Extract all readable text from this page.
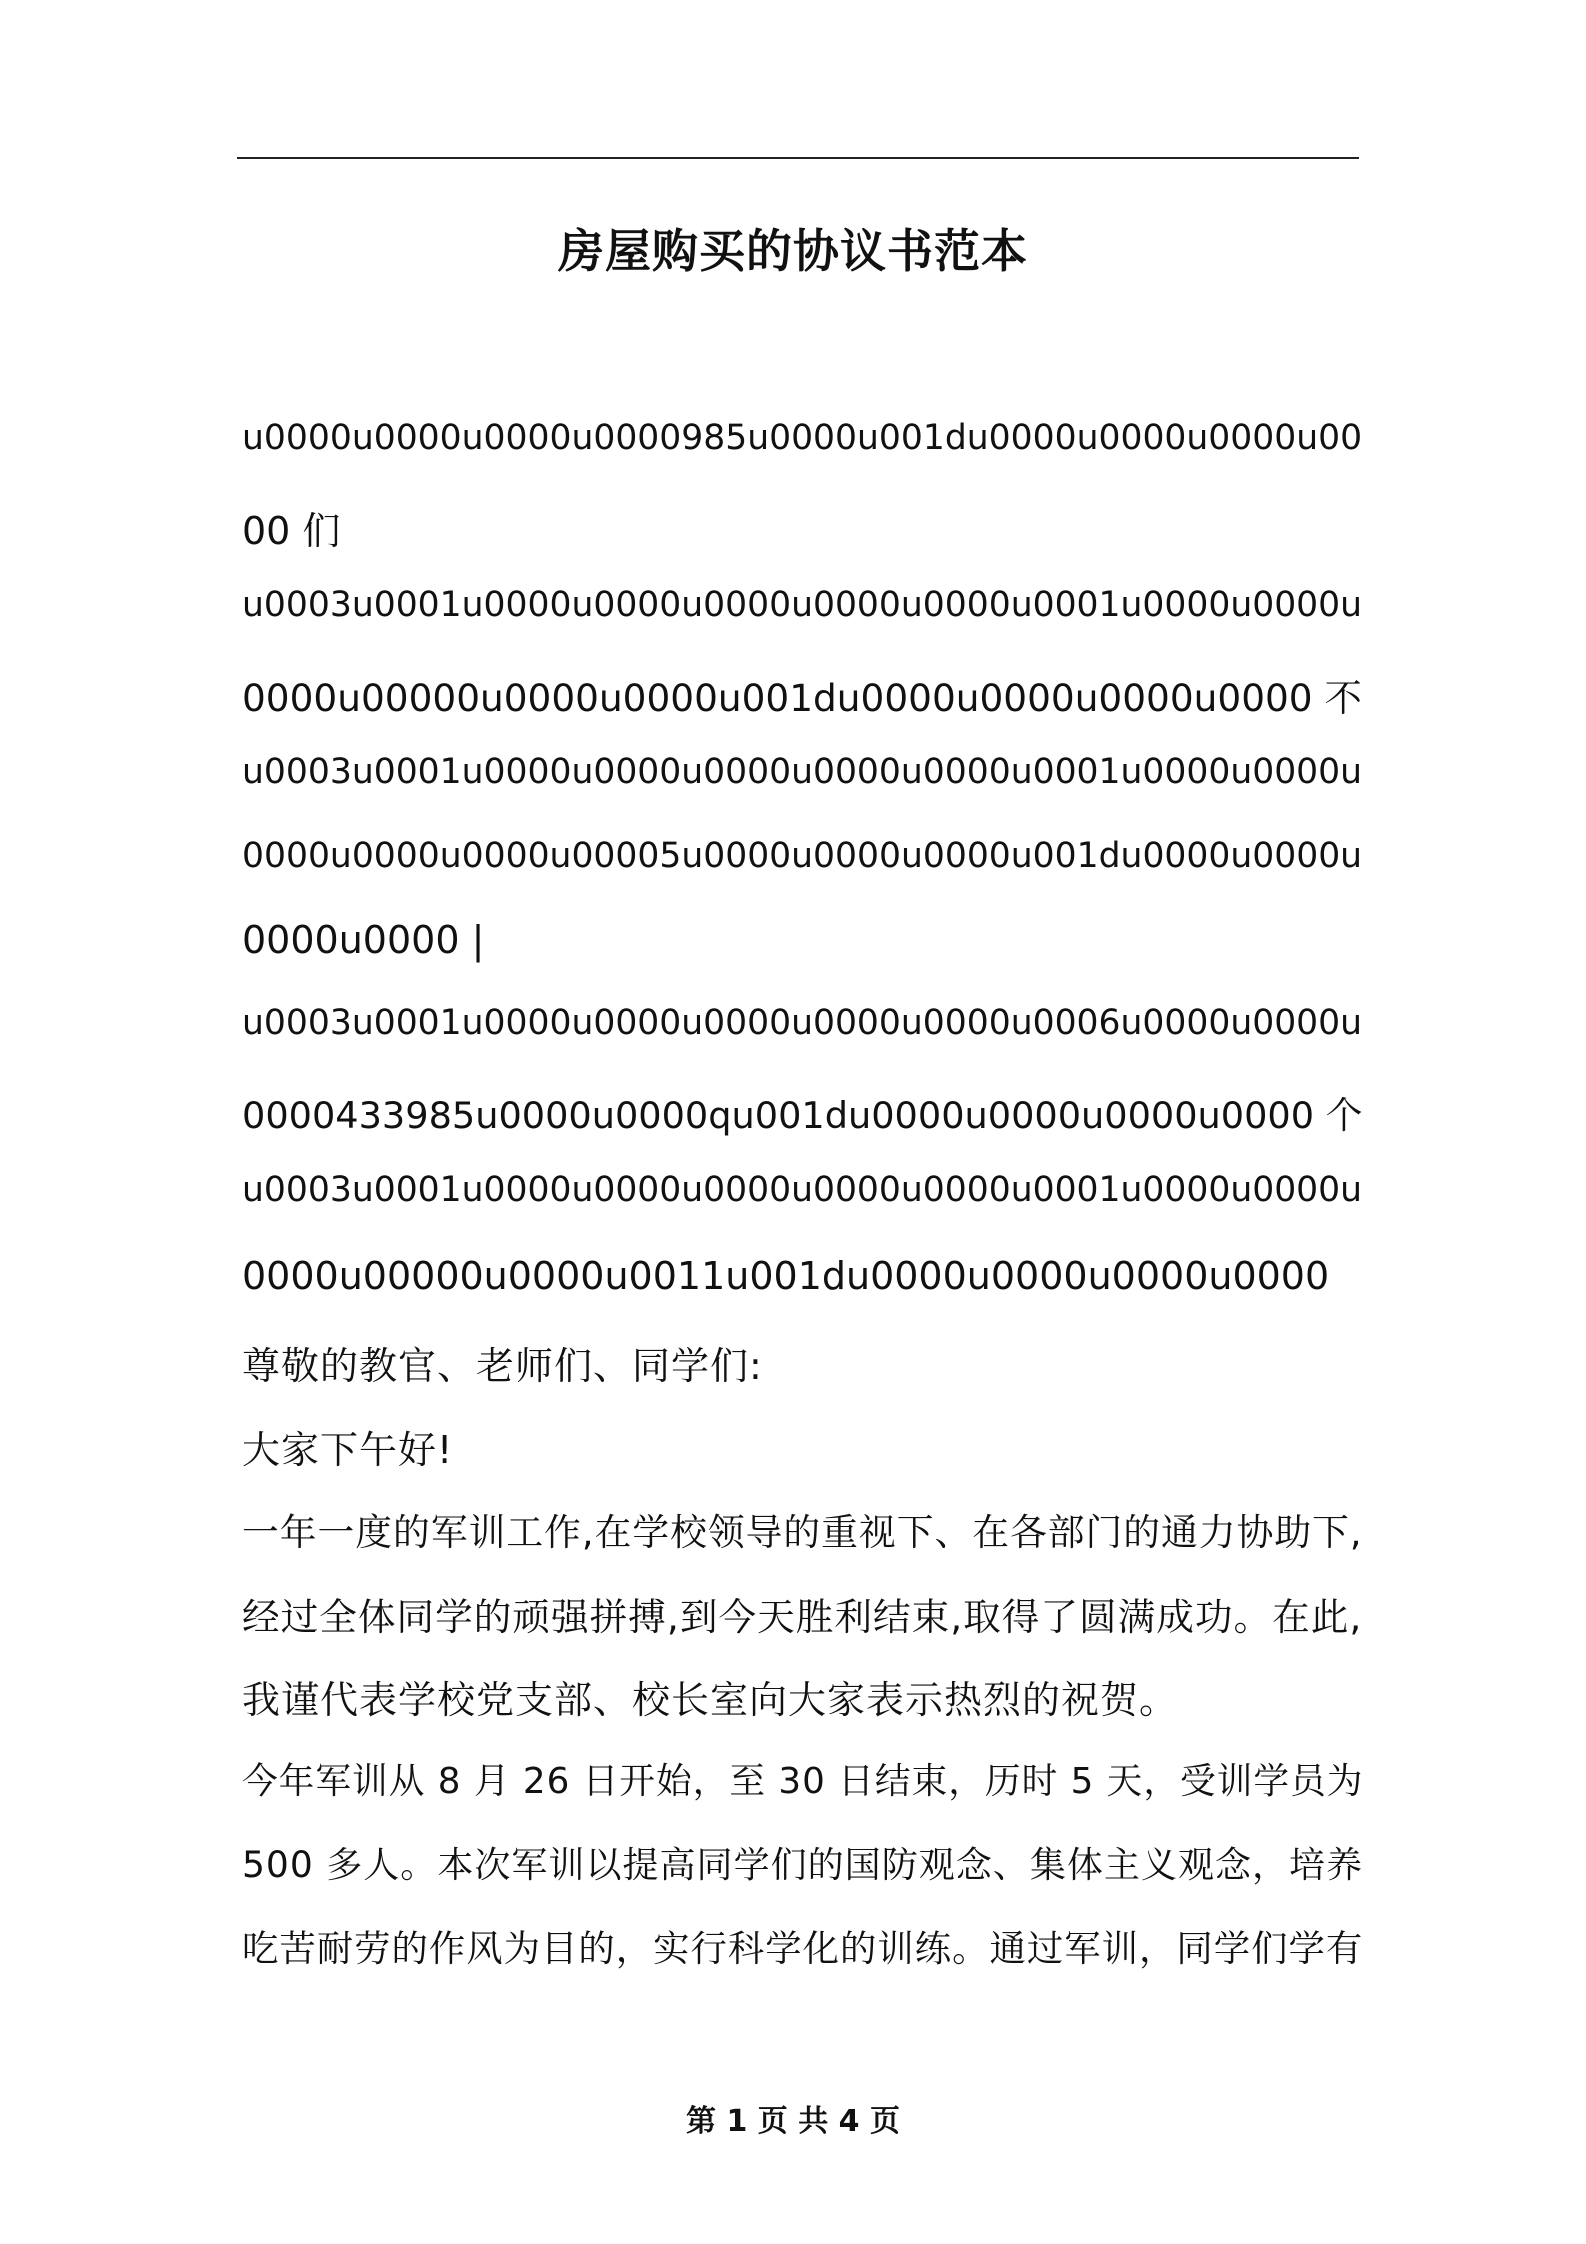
房屋购买的协议书范本
u0000u0000u0000u0000985u0000u001du0000u0000u0000u00
00 们
u0003u0001u0000u0000u0000u0000u0000u0001u0000u0000u
0000u00000u0000u0000u001du0000u0000u0000u0000 不
u0003u0001u0000u0000u0000u0000u0000u0001u0000u0000u
0000u0000u0000u00005u0000u0000u0000u001du0000u0000u
0000u0000 |
u0003u0001u0000u0000u0000u0000u0000u0006u0000u0000u
0000433985u0000u0000qu001du0000u0000u0000u0000 个
u0003u0001u0000u0000u0000u0000u0000u0001u0000u0000u
0000u00000u0000u0011u001du0000u0000u0000u0000
尊敬的教官、老师们、同学们:
大家下午好!
一年一度的军训工作,在学校领导的重视下、在各部门的通力协助下,
经过全体同学的顽强拼搏,到今天胜利结束,取得了圆满成功。在此,
我谨代表学校党支部、校长室向大家表示热烈的祝贺。
今年军训从 8 月 26 日开始，至 30 日结束，历时 5 天，受训学员为
500 多人。本次军训以提高同学们的国防观念、集体主义观念，培养
吃苦耐劳的作风为目的，实行科学化的训练。通过军训，同学们学有
第 1 页 共 4 页
